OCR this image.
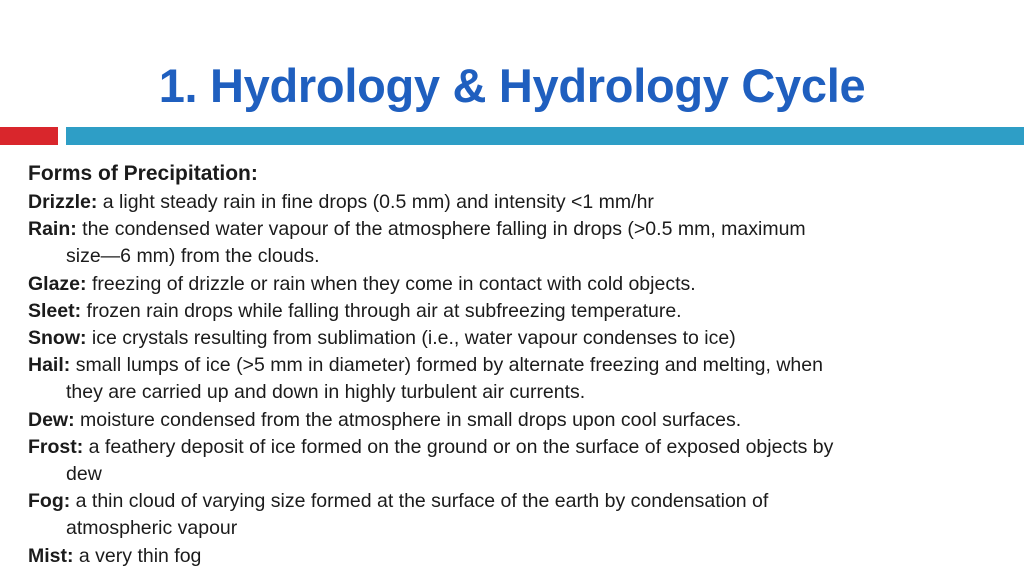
1. Hydrology & Hydrology Cycle
Forms of Precipitation:
Drizzle: a light steady rain in fine drops (0.5 mm) and intensity <1 mm/hr
Rain: the condensed water vapour of the atmosphere falling in drops (>0.5 mm, maximum
size—6 mm) from the clouds.
Glaze: freezing of drizzle or rain when they come in contact with cold objects.
Sleet: frozen rain drops while falling through air at subfreezing temperature.
Snow: ice crystals resulting from sublimation (i.e., water vapour condenses to ice)
Hail: small lumps of ice (>5 mm in diameter) formed by alternate freezing and melting, when
they are carried up and down in highly turbulent air currents.
Dew: moisture condensed from the atmosphere in small drops upon cool surfaces.
Frost: a feathery deposit of ice formed on the ground or on the surface of exposed objects by
dew
Fog: a thin cloud of varying size formed at the surface of the earth by condensation of
atmospheric vapour
Mist: a very thin fog
